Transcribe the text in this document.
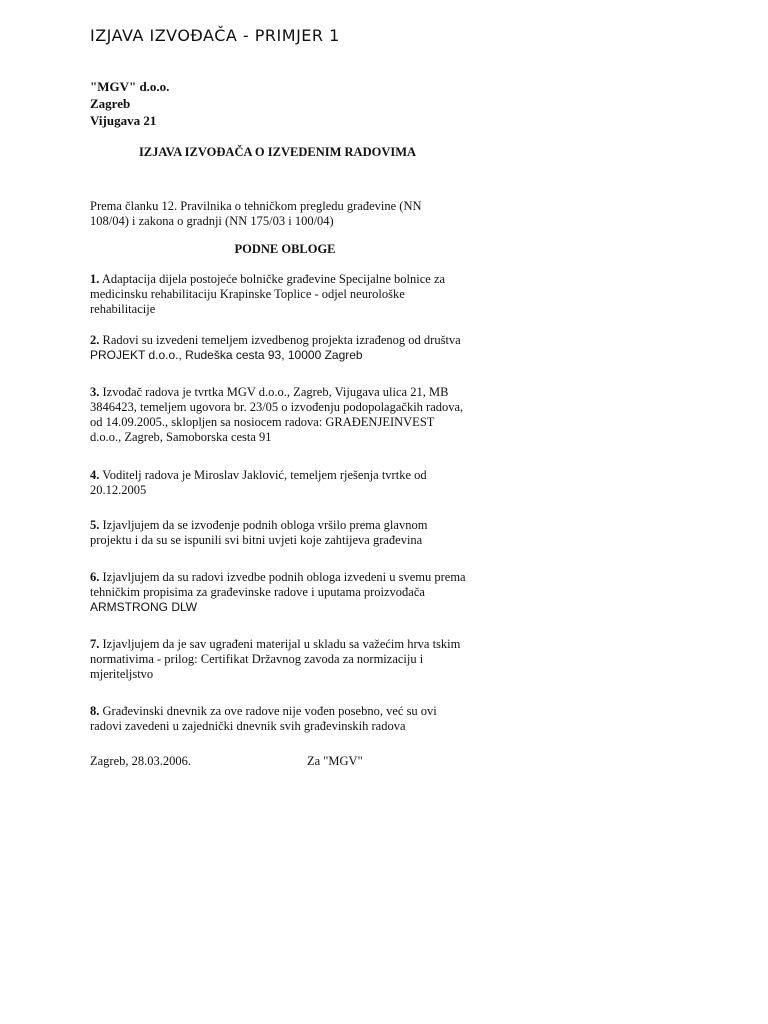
IZJAVA IZVOĐAČA - PRIMJER 1
"MGV" d.o.o.
Zagreb
Vijugava 21
IZJAVA IZVOĐAČA O IZVEDENIM RADOVIMA
Prema članku 12. Pravilnika o tehničkom pregledu građevine (NN 108/04) i zakona o gradnji (NN 175/03 i 100/04)
PODNE OBLOGE
1. Adaptacija dijela postojeće bolničke građevine Specijalne bolnice za medicinsku rehabilitaciju Krapinske Toplice - odjel neurološke rehabilitacije
2. Radovi su izvedeni temeljem izvedbenog projekta izrađenog od društva PROJEKT d.o.o., Rudeška cesta 93, 10000 Zagreb
3. Izvođač radova je tvrtka MGV d.o.o., Zagreb, Vijugava ulica 21, MB 3846423, temeljem ugovora br. 23/05 o izvođenju podopolagačkih radova, od 14.09.2005., sklopljen sa nosiocem radova: GRAĐENJEINVEST d.o.o., Zagreb, Samoborska cesta 91
4. Voditelj radova je Miroslav Jaklović, temeljem rješenja tvrtke od 20.12.2005
5. Izjavljujem da se izvođenje podnih obloga vršilo prema glavnom projektu i da su se ispunili svi bitni uvjeti koje zahtijeva građevina
6. Izjavljujem da su radovi izvedbe podnih obloga izvedeni u svemu prema tehničkim propisima za građevinske radove i uputama proizvođača ARMSTRONG DLW
7. Izjavljujem da je sav ugrađeni materijal u skladu sa važećim hrva tskim normativima - prilog: Certifikat Državnog zavoda za normizaciju i mjeriteljstvo
8. Građevinski dnevnik za ove radove nije vođen posebno, već su ovi radovi zavedeni u zajednički dnevnik svih građevinskih radova
Zagreb, 28.03.2006.	Za "MGV"
